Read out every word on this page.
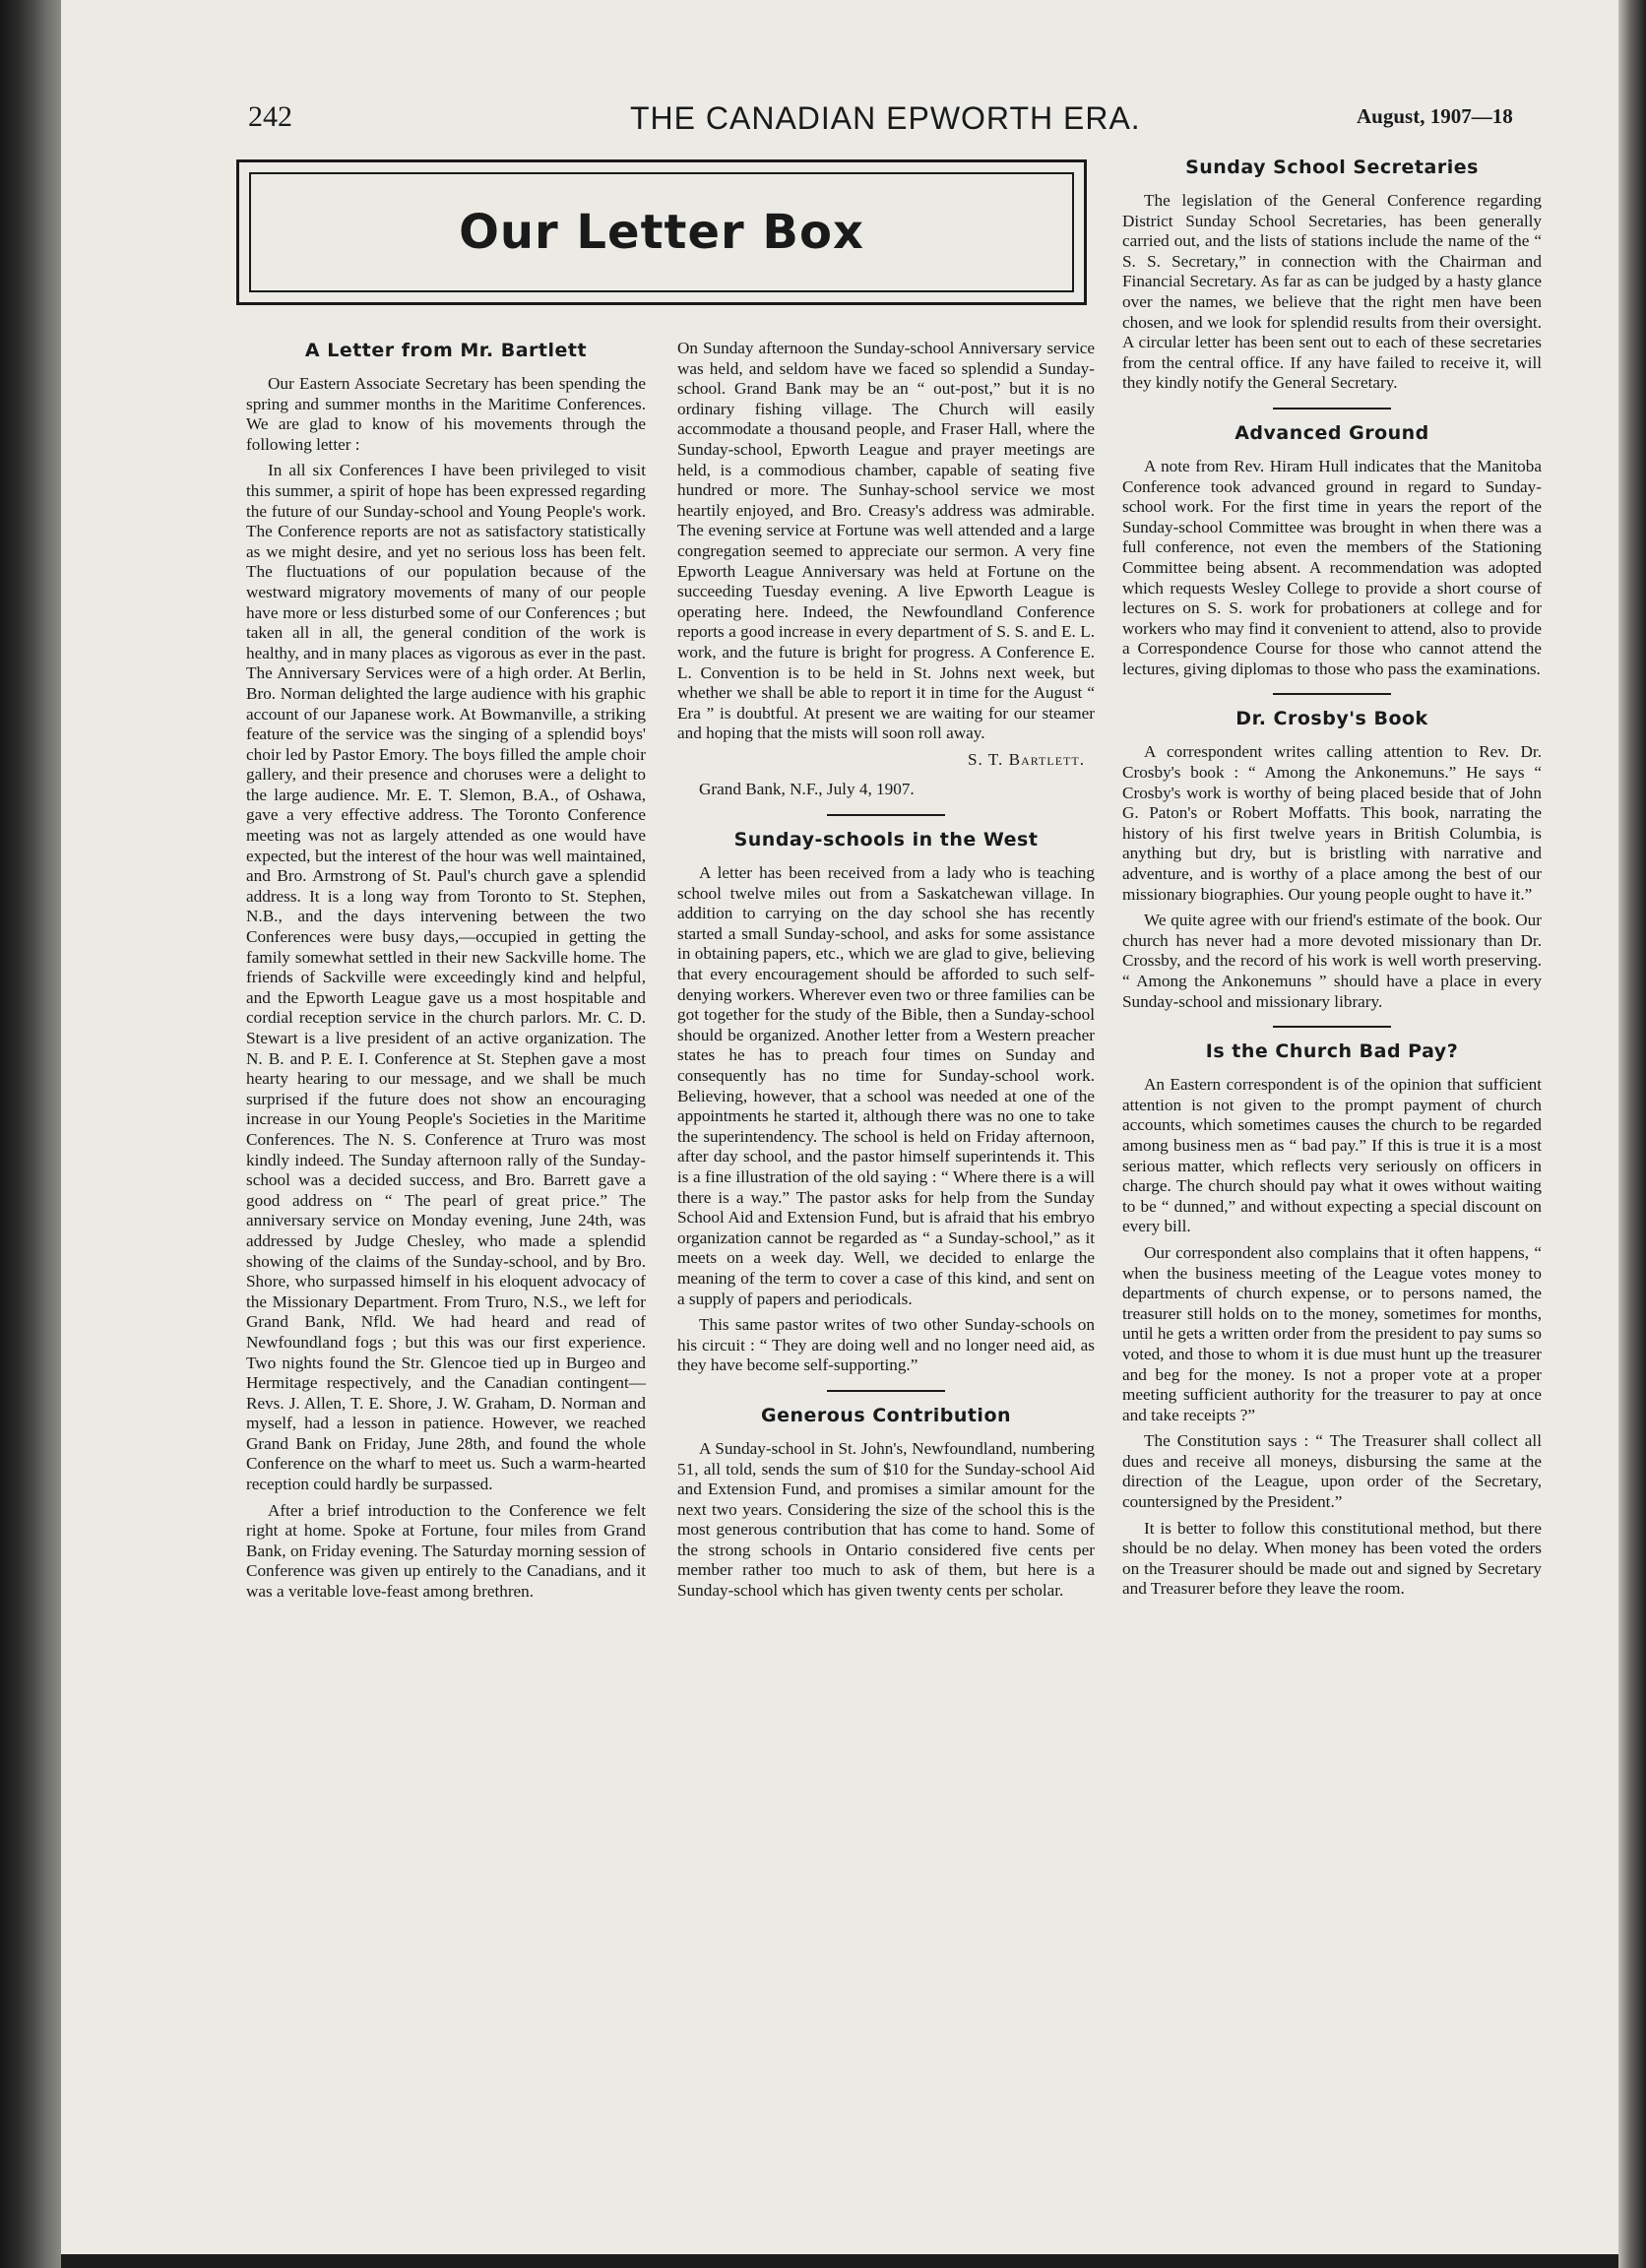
242	THE CANADIAN EPWORTH ERA.	August, 1907—18
Our Letter Box
A Letter from Mr. Bartlett

Our Eastern Associate Secretary has been spending the spring and summer months in the Maritime Conferences. We are glad to know of his movements through the following letter :

In all six Conferences I have been privileged to visit this summer, a spirit of hope has been expressed regarding the future of our Sunday-school and Young People's work. The Conference reports are not as satisfactory statistically as we might desire, and yet no serious loss has been felt. The fluctuations of our population because of the westward migratory movements of many of our people have more or less disturbed some of our Conferences ; but taken all in all, the general condition of the work is healthy, and in many places as vigorous as ever in the past. The Anniversary Services were of a high order. At Berlin, Bro. Norman delighted the large audience with his graphic account of our Japanese work. At Bowmanville, a striking feature of the service was the singing of a splendid boys' choir led by Pastor Emory. The boys filled the ample choir gallery, and their presence and choruses were a delight to the large audience. Mr. E. T. Slemon, B.A., of Oshawa, gave a very effective address. The Toronto Conference meeting was not as largely attended as one would have expected, but the interest of the hour was well maintained, and Bro. Armstrong of St. Paul's church gave a splendid address. It is a long way from Toronto to St. Stephen, N.B., and the days intervening between the two Conferences were busy days,—occupied in getting the family somewhat settled in their new Sackville home. The friends of Sackville were exceedingly kind and helpful, and the Epworth League gave us a most hospitable and cordial reception service in the church parlors. Mr. C. D. Stewart is a live president of an active organization. The N. B. and P. E. I. Conference at St. Stephen gave a most hearty hearing to our message, and we shall be much surprised if the future does not show an encouraging increase in our Young People's Societies in the Maritime Conferences. The N. S. Conference at Truro was most kindly indeed. The Sunday afternoon rally of the Sunday-school was a decided success, and Bro. Barrett gave a good address on “ The pearl of great price.” The anniversary service on Monday evening, June 24th, was addressed by Judge Chesley, who made a splendid showing of the claims of the Sunday-school, and by Bro. Shore, who surpassed himself in his eloquent advocacy of the Missionary Department. From Truro, N.S., we left for Grand Bank, Nfld. We had heard and read of Newfoundland fogs ; but this was our first experience. Two nights found the Str. Glencoe tied up in Burgeo and Hermitage respectively, and the Canadian contingent—Revs. J. Allen, T. E. Shore, J. W. Graham, D. Norman and myself, had a lesson in patience. However, we reached Grand Bank on Friday, June 28th, and found the whole Conference on the wharf to meet us. Such a warm-hearted reception could hardly be surpassed.

After a brief introduction to the Conference we felt right at home. Spoke at Fortune, four miles from Grand Bank, on Friday evening. The Saturday morning session of Conference was given up entirely to the Canadians, and it was a veritable love-feast among brethren.

On Sunday afternoon the Sunday-school Anniversary service was held, and seldom have we faced so splendid a Sunday-school. Grand Bank may be an “ out-post,” but it is no ordinary fishing village. The Church will easily accommodate a thousand people, and Fraser Hall, where the Sunday-school, Epworth League and prayer meetings are held, is a commodious chamber, capable of seating five hundred or more. The Sunhay-school service we most heartily enjoyed, and Bro. Creasy's address was admirable. The evening service at Fortune was well attended and a large congregation seemed to appreciate our sermon. A very fine Epworth League Anniversary was held at Fortune on the succeeding Tuesday evening. A live Epworth League is operating here. Indeed, the Newfoundland Conference reports a good increase in every department of S. S. and E. L. work, and the future is bright for progress. A Conference E. L. Convention is to be held in St. Johns next week, but whether we shall be able to report it in time for the August “ Era ” is doubtful. At present we are waiting for our steamer and hoping that the mists will soon roll away.

S. T. Bartlett.

Grand Bank, N.F., July 4, 1907.

Sunday-schools in the West

A letter has been received from a lady who is teaching school twelve miles out from a Saskatchewan village. In addition to carrying on the day school she has recently started a small Sunday-school, and asks for some assistance in obtaining papers, etc., which we are glad to give, believing that every encouragement should be afforded to such self-denying workers. Wherever even two or three families can be got together for the study of the Bible, then a Sunday-school should be organized. Another letter from a Western preacher states he has to preach four times on Sunday and consequently has no time for Sunday-school work. Believing, however, that a school was needed at one of the appointments he started it, although there was no one to take the superintendency. The school is held on Friday afternoon, after day school, and the pastor himself superintends it. This is a fine illustration of the old saying : “ Where there is a will there is a way.” The pastor asks for help from the Sunday School Aid and Extension Fund, but is afraid that his embryo organization cannot be regarded as “ a Sunday-school,” as it meets on a week day. Well, we decided to enlarge the meaning of the term to cover a case of this kind, and sent on a supply of papers and periodicals.

This same pastor writes of two other Sunday-schools on his circuit : “ They are doing well and no longer need aid, as they have become self-supporting.”

Generous Contribution

A Sunday-school in St. John's, Newfoundland, numbering 51, all told, sends the sum of $10 for the Sunday-school Aid and Extension Fund, and promises a similar amount for the next two years. Considering the size of the school this is the most generous contribution that has come to hand. Some of the strong schools in Ontario considered five cents per member rather too much to ask of them, but here is a Sunday-school which has given twenty cents per scholar.

Sunday School Secretaries

The legislation of the General Conference regarding District Sunday School Secretaries, has been generally carried out, and the lists of stations include the name of the “ S. S. Secretary,” in connection with the Chairman and Financial Secretary. As far as can be judged by a hasty glance over the names, we believe that the right men have been chosen, and we look for splendid results from their oversight. A circular letter has been sent out to each of these secretaries from the central office. If any have failed to receive it, will they kindly notify the General Secretary.

Advanced Ground

A note from Rev. Hiram Hull indicates that the Manitoba Conference took advanced ground in regard to Sunday-school work. For the first time in years the report of the Sunday-school Committee was brought in when there was a full conference, not even the members of the Stationing Committee being absent. A recommendation was adopted which requests Wesley College to provide a short course of lectures on S. S. work for probationers at college and for workers who may find it convenient to attend, also to provide a Correspondence Course for those who cannot attend the lectures, giving diplomas to those who pass the examinations.

Dr. Crosby's Book

A correspondent writes calling attention to Rev. Dr. Crosby's book : “ Among the Ankonemuns.” He says “ Crosby's work is worthy of being placed beside that of John G. Paton's or Robert Moffatts. This book, narrating the history of his first twelve years in British Columbia, is anything but dry, but is bristling with narrative and adventure, and is worthy of a place among the best of our missionary biographies. Our young people ought to have it.”

We quite agree with our friend's estimate of the book. Our church has never had a more devoted missionary than Dr. Crossby, and the record of his work is well worth preserving. “ Among the Ankonemuns ” should have a place in every Sunday-school and missionary library.

Is the Church Bad Pay?

An Eastern correspondent is of the opinion that sufficient attention is not given to the prompt payment of church accounts, which sometimes causes the church to be regarded among business men as “ bad pay.” If this is true it is a most serious matter, which reflects very seriously on officers in charge. The church should pay what it owes without waiting to be “ dunned,” and without expecting a special discount on every bill.

Our correspondent also complains that it often happens, “ when the business meeting of the League votes money to departments of church expense, or to persons named, the treasurer still holds on to the money, sometimes for months, until he gets a written order from the president to pay sums so voted, and those to whom it is due must hunt up the treasurer and beg for the money. Is not a proper vote at a proper meeting sufficient authority for the treasurer to pay at once and take receipts ?”

The Constitution says : “ The Treasurer shall collect all dues and receive all moneys, disbursing the same at the direction of the League, upon order of the Secretary, countersigned by the President.”

It is better to follow this constitutional method, but there should be no delay. When money has been voted the orders on the Treasurer should be made out and signed by Secretary and Treasurer before they leave the room.
